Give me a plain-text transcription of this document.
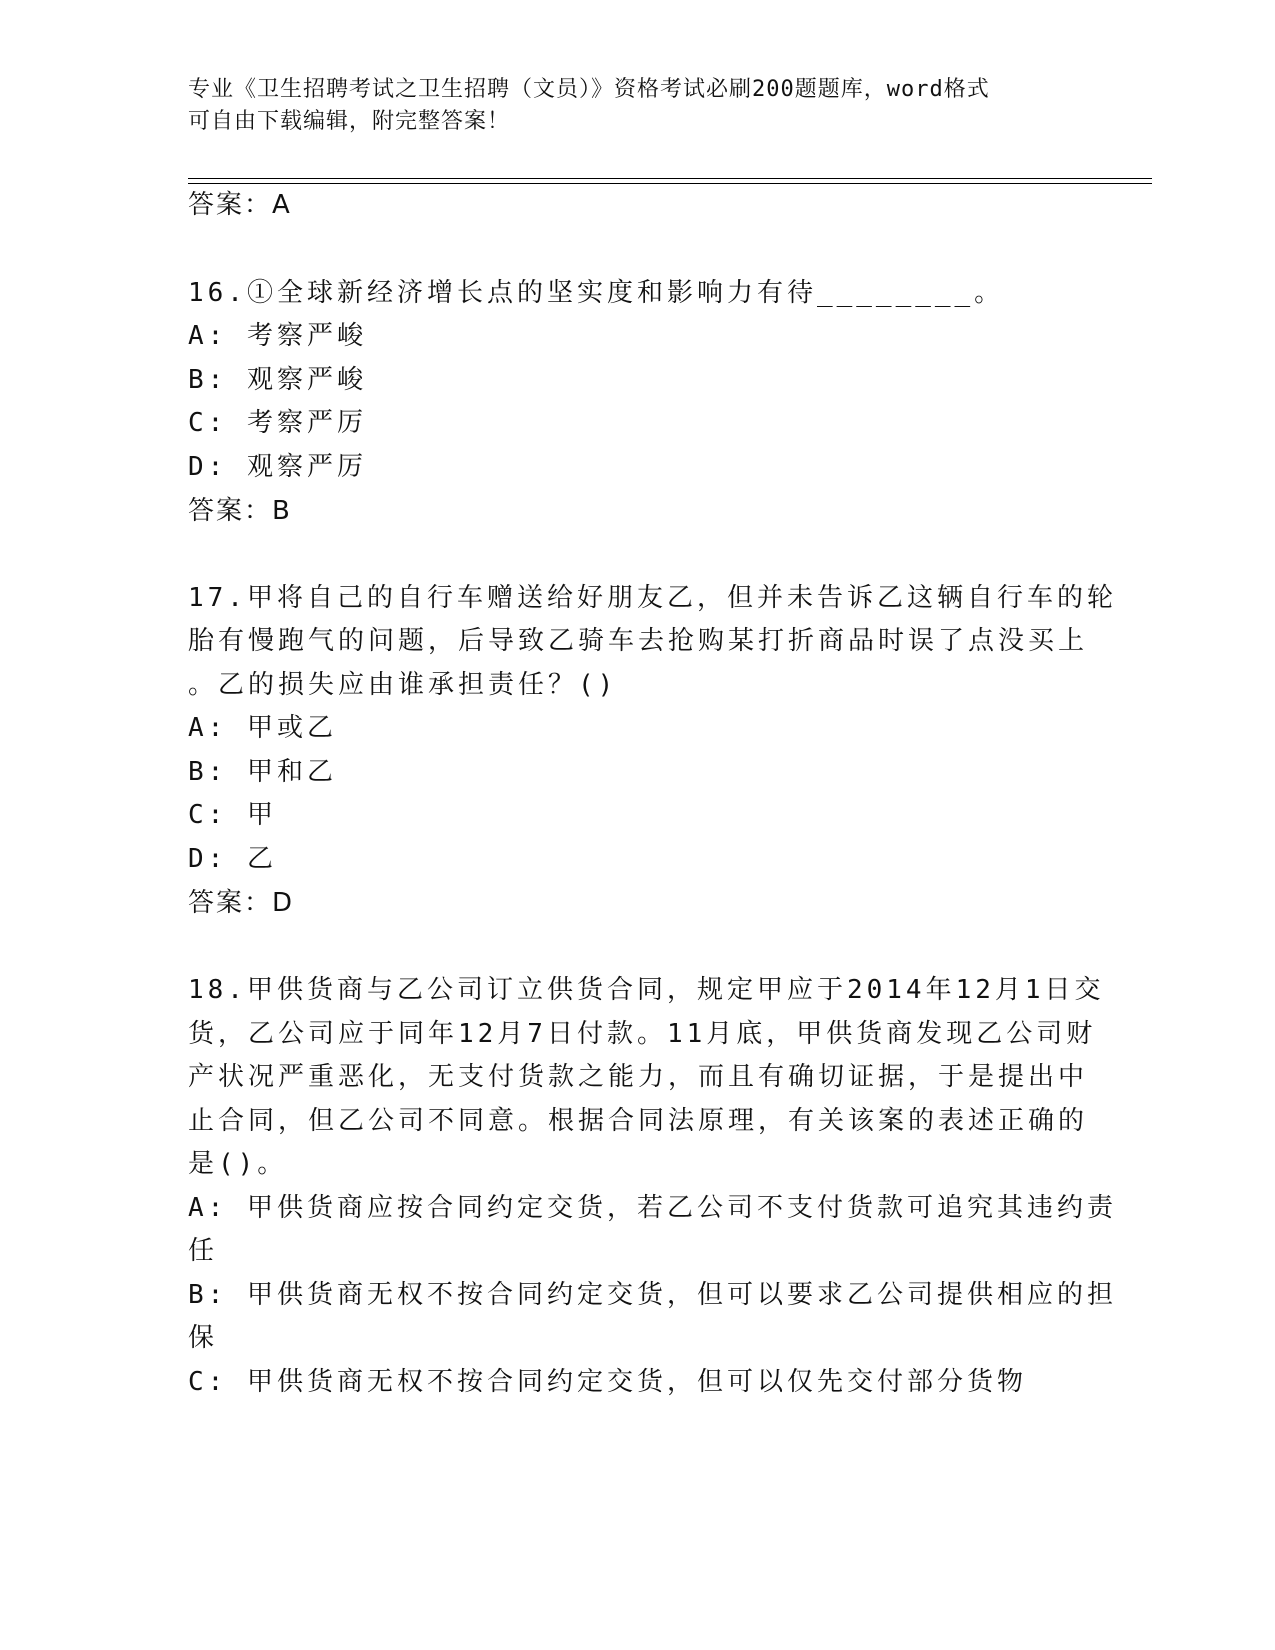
专业《卫生招聘考试之卫生招聘（文员）》资格考试必刷200题题库，word格式
可自由下载编辑，附完整答案！
答案：A
16.①全球新经济增长点的坚实度和影响力有待________。
A: 考察严峻
B: 观察严峻
C: 考察严厉
D: 观察严厉
答案：B
17.甲将自己的自行车赠送给好朋友乙，但并未告诉乙这辆自行车的轮
胎有慢跑气的问题，后导致乙骑车去抢购某打折商品时误了点没买上
。乙的损失应由谁承担责任？()
A: 甲或乙
B: 甲和乙
C: 甲
D: 乙
答案：D
18.甲供货商与乙公司订立供货合同，规定甲应于2014年12月1日交
货，乙公司应于同年12月7日付款。11月底，甲供货商发现乙公司财
产状况严重恶化，无支付货款之能力，而且有确切证据，于是提出中
止合同，但乙公司不同意。根据合同法原理，有关该案的表述正确的
是()。
A: 甲供货商应按合同约定交货，若乙公司不支付货款可追究其违约责
任
B: 甲供货商无权不按合同约定交货，但可以要求乙公司提供相应的担
保
C: 甲供货商无权不按合同约定交货，但可以仅先交付部分货物
